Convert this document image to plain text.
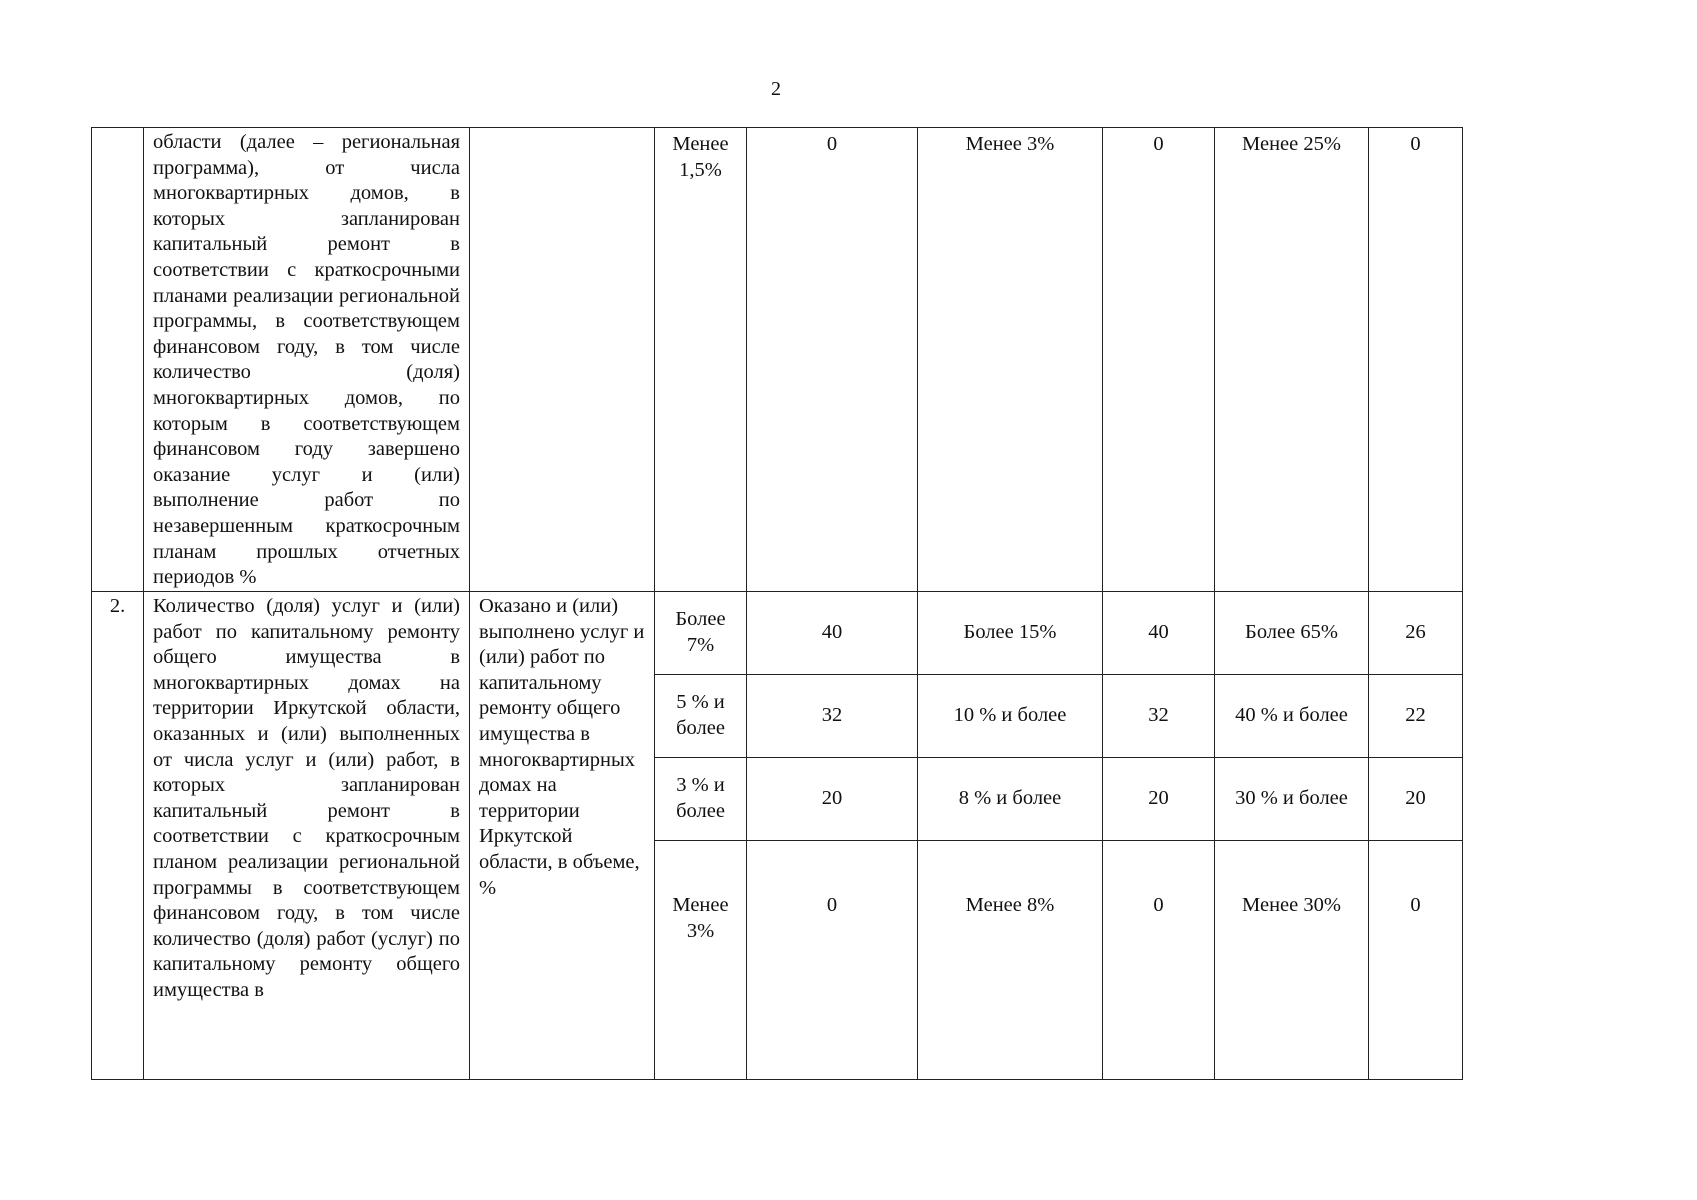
2
	области (далее – региональная программа), от числа многоквартирных домов, в которых запланирован капитальный ремонт в соответствии с краткосрочными планами реализации региональной программы, в соответствующем финансовом году, в том числе количество (доля) многоквартирных домов, по которым в соответствующем финансовом году завершено оказание услуг и (или) выполнение работ по незавершенным краткосрочным планам прошлых отчетных периодов %		Менее 1,5%	0	Менее 3%	0	Менее 25%	0
2.	Количество (доля) услуг и (или) работ по капитальному ремонту общего имущества в многоквартирных домах на территории Иркутской области, оказанных и (или) выполненных от числа услуг и (или) работ, в которых запланирован капитальный ремонт в соответствии с краткосрочным планом реализации региональной программы в соответствующем финансовом году, в том числе количество (доля) работ (услуг) по капитальному ремонту общего имущества в	Оказано и (или) выполнено услуг и (или) работ по капитальному ремонту общего имущества в многоквартирных домах на территории Иркутской области, в объеме, %	Более 7%	40	Более 15%	40	Более 65%	26
			5 % и более	32	10 % и более	32	40 % и более	22
			3 % и более	20	8 % и более	20	30 % и более	20
			Менее 3%	0	Менее 8%	0	Менее 30%	0
